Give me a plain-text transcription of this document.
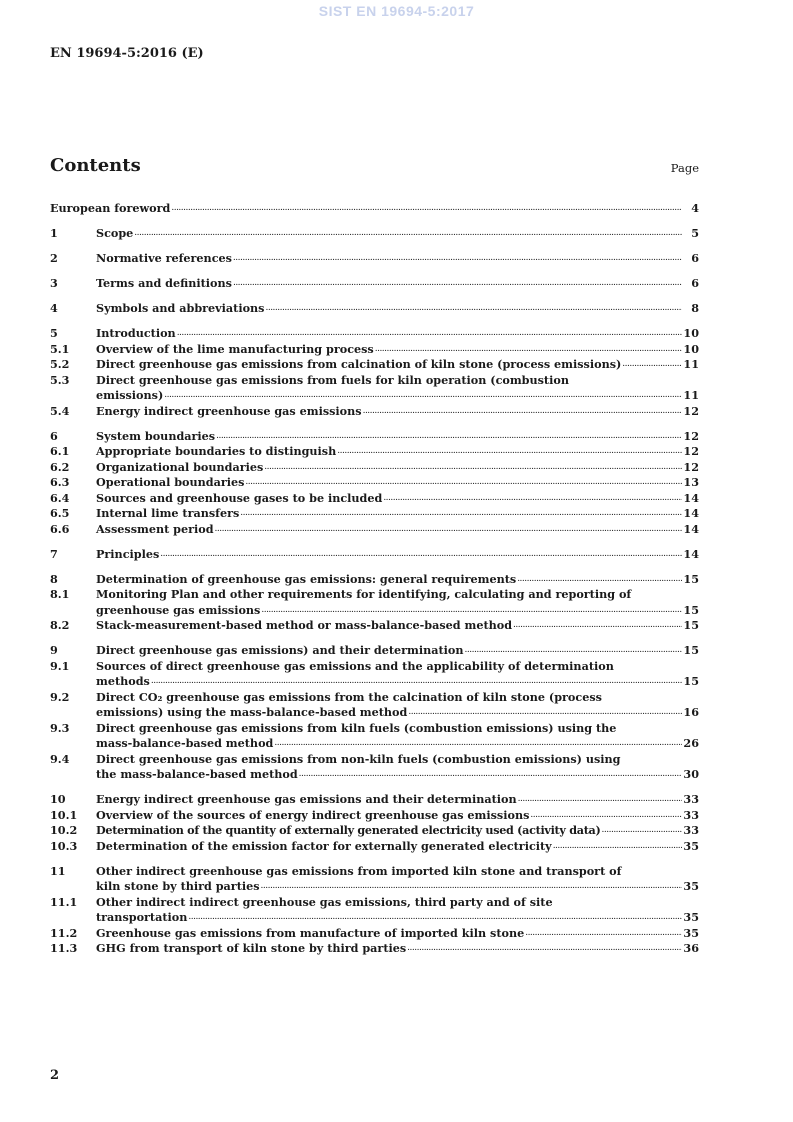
SIST EN 19694-5:2017
EN 19694-5:2016 (E)
Contents	Page
European foreword .....	4
1	Scope .....	5
2	Normative references .....	6
3	Terms and definitions .....	6
4	Symbols and abbreviations .....	8
5	Introduction .....	10
5.1	Overview of the lime manufacturing process .....	10
5.2	Direct greenhouse gas emissions from calcination of kiln stone (process emissions) .....	11
5.3	Direct greenhouse gas emissions from fuels for kiln operation (combustion
emissions) .....	11
5.4	Energy indirect greenhouse gas emissions .....	12
6	System boundaries .....	12
6.1	Appropriate boundaries to distinguish .....	12
6.2	Organizational boundaries .....	12
6.3	Operational boundaries .....	13
6.4	Sources and greenhouse gases to be included .....	14
6.5	Internal lime transfers .....	14
6.6	Assessment period .....	14
7	Principles .....	14
8	Determination of greenhouse gas emissions: general requirements .....	15
8.1	Monitoring Plan and other requirements for identifying, calculating and reporting of
greenhouse gas emissions .....	15
8.2	Stack-measurement-based method or mass-balance-based method .....	15
9	Direct greenhouse gas emissions) and their determination .....	15
9.1	Sources of direct greenhouse gas emissions and the applicability of determination
methods .....	15
9.2	Direct CO₂ greenhouse gas emissions from the calcination of kiln stone (process
emissions) using the mass-balance-based method .....	16
9.3	Direct greenhouse gas emissions from kiln fuels (combustion emissions) using the
mass-balance-based method .....	26
9.4	Direct greenhouse gas emissions from non-kiln fuels (combustion emissions) using
the mass-balance-based method .....	30
10	Energy indirect greenhouse gas emissions and their determination .....	33
10.1	Overview of the sources of energy indirect greenhouse gas emissions .....	33
10.2	Determination of the quantity of externally generated electricity used (activity data) .....	33
10.3	Determination of the emission factor for externally generated electricity .....	35
11	Other indirect greenhouse gas emissions from imported kiln stone and transport of
kiln stone by third parties .....	35
11.1	Other indirect indirect greenhouse gas emissions, third party and of site
transportation .....	35
11.2	Greenhouse gas emissions from manufacture of imported kiln stone .....	35
11.3	GHG from transport of kiln stone by third parties .....	36
2
